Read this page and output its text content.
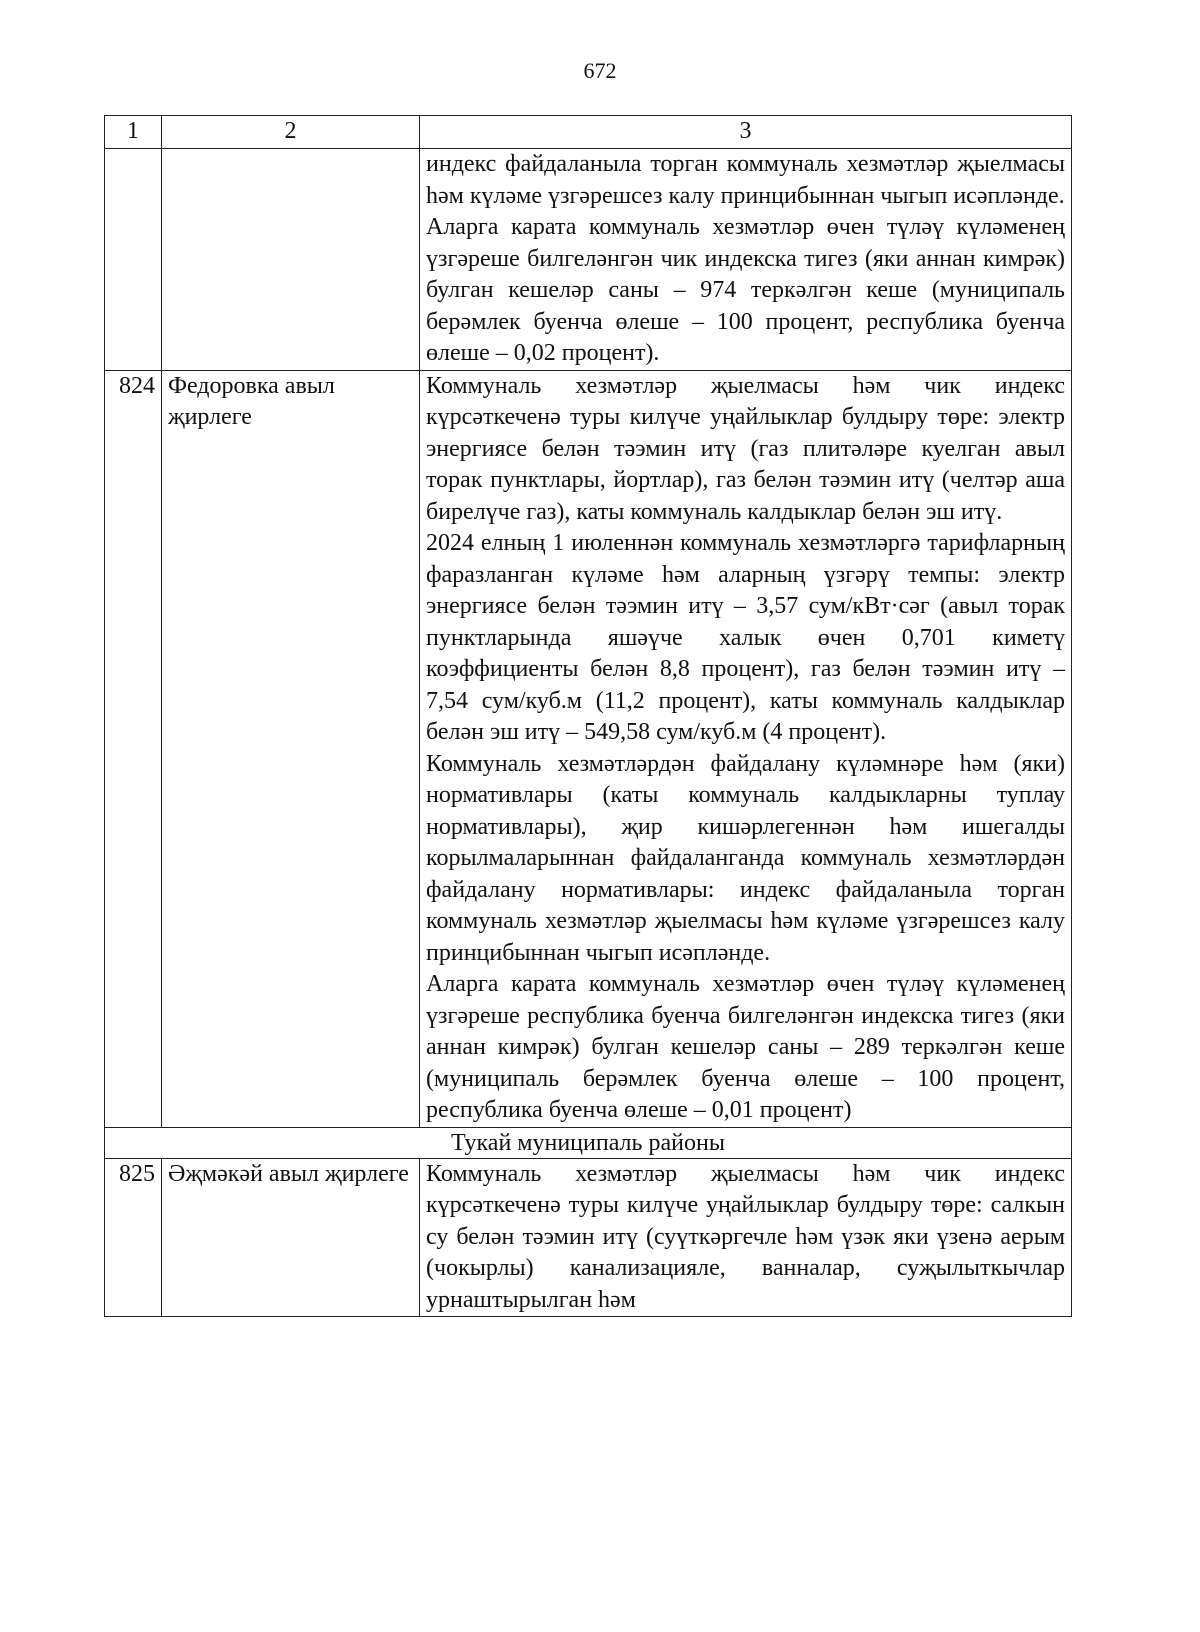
672
1	2	3

		индекс файдаланыла торган коммуналь хезмәтләр җыелмасы һәм күләме үзгәрешсез калу принцибыннан чыгып исәпләнде.

Аларга карата коммуналь хезмәтләр өчен түләү күләменең үзгәреше билгеләнгән чик индекска тигез (яки аннан кимрәк) булган кешеләр саны – 974 теркәлгән кеше (муниципаль берәмлек буенча өлеше – 100 процент, республика буенча өлеше – 0,02 процент).

824	Федоровка авыл җирлеге	Коммуналь хезмәтләр җыелмасы һәм чик индекс күрсәткеченә туры килүче уңайлыклар булдыру төре: электр энергиясе белән тәэмин итү (газ плитәләре куелган авыл торак пунктлары, йортлар), газ белән тәэмин итү (челтәр аша бирелүче газ), каты коммуналь калдыклар белән эш итү.

2024 елның 1 июленнән коммуналь хезмәтләргә тарифларның фаразланган күләме һәм аларның үзгәрү темпы: электр энергиясе белән тәэмин итү – 3,57 сум/кВт·сәг (авыл торак пунктларында яшәүче халык өчен 0,701 киметү коэффициенты белән 8,8 процент), газ белән тәэмин итү – 7,54 сум/куб.м (11,2 процент), каты коммуналь калдыклар белән эш итү – 549,58 сум/куб.м (4 процент).

Коммуналь хезмәтләрдән файдалану күләмнәре һәм (яки) нормативлары (каты коммуналь калдыкларны туплау нормативлары), җир кишәрлегеннән һәм ишегалды корылмаларыннан файдаланганда коммуналь хезмәтләрдән файдалану нормативлары: индекс файдаланыла торган коммуналь хезмәтләр җыелмасы һәм күләме үзгәрешсез калу принцибыннан чыгып исәпләнде.

Аларга карата коммуналь хезмәтләр өчен түләү күләменең үзгәреше республика буенча билгеләнгән индекска тигез (яки аннан кимрәк) булган кешеләр саны – 289 теркәлгән кеше (муниципаль берәмлек буенча өлеше – 100 процент, республика буенча өлеше – 0,01 процент)

Тукай муниципаль районы		
825	Әҗмәкәй авыл җирлеге	Коммуналь хезмәтләр җыелмасы һәм чик индекс күрсәткеченә туры килүче уңайлыклар булдыру төре: салкын су белән тәэмин итү (суүткәргечле һәм үзәк яки үзенә аерым (чокырлы) канализацияле, ванналар, суҗылыткычлар урнаштырылган һәм
